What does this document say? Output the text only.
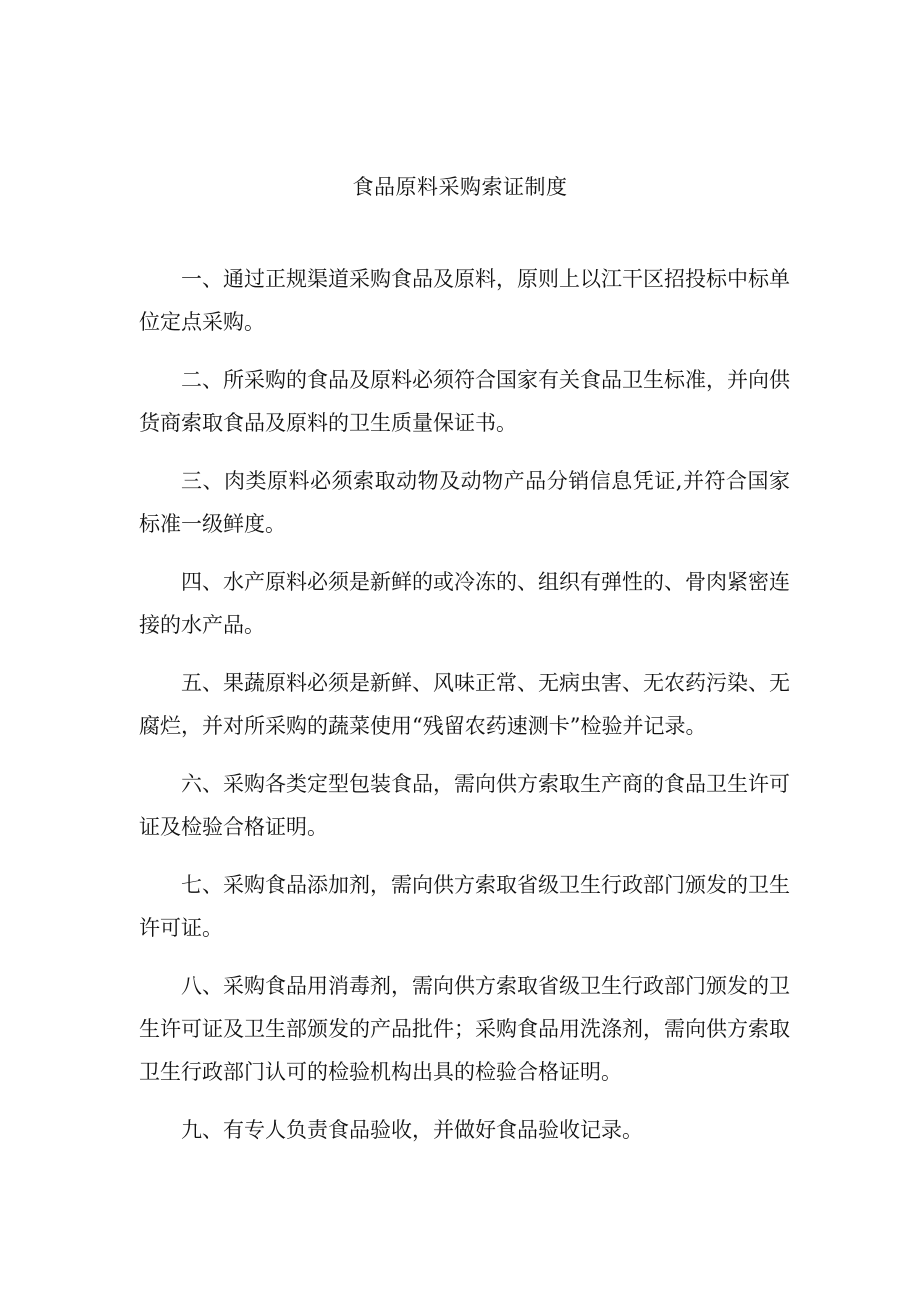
食品原料采购索证制度

一、通过正规渠道采购食品及原料，原则上以江干区招投标中标单位定点采购。

二、所采购的食品及原料必须符合国家有关食品卫生标准，并向供货商索取食品及原料的卫生质量保证书。

三、肉类原料必须索取动物及动物产品分销信息凭证,并符合国家标准一级鲜度。

四、水产原料必须是新鲜的或冷冻的、组织有弹性的、骨肉紧密连接的水产品。

五、果蔬原料必须是新鲜、风味正常、无病虫害、无农药污染、无腐烂，并对所采购的蔬菜使用“残留农药速测卡”检验并记录。

六、采购各类定型包装食品，需向供方索取生产商的食品卫生许可证及检验合格证明。

七、采购食品添加剂，需向供方索取省级卫生行政部门颁发的卫生许可证。

八、采购食品用消毒剂，需向供方索取省级卫生行政部门颁发的卫生许可证及卫生部颁发的产品批件；采购食品用洗涤剂，需向供方索取卫生行政部门认可的检验机构出具的检验合格证明。

九、有专人负责食品验收，并做好食品验收记录。
